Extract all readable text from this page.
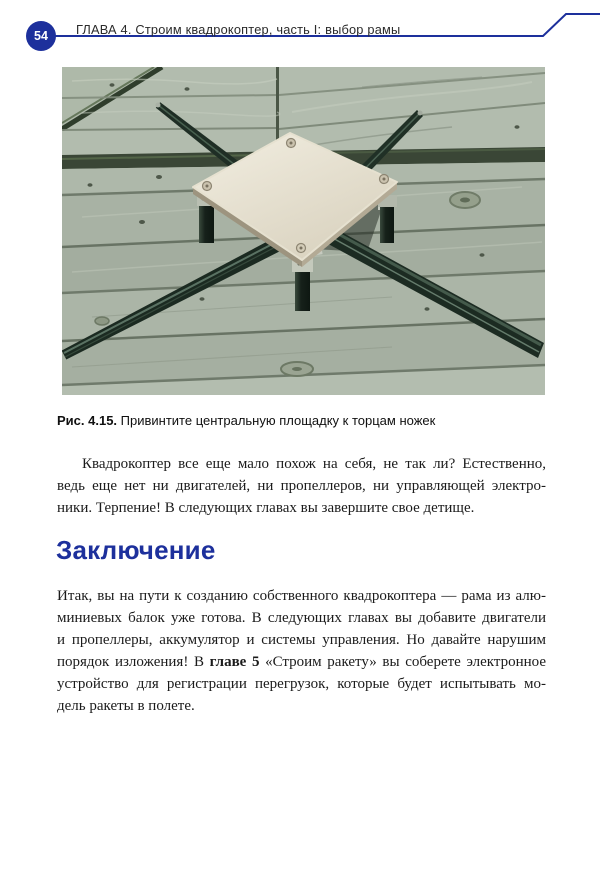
54 ГЛАВА 4. Строим квадрокоптер, часть I: выбор рамы
Рис. 4.15. Привинтите центральную площадку к торцам ножек
Квадрокоптер все еще мало похож на себя, не так ли? Естественно,
ведь еще нет ни двигателей, ни пропеллеров, ни управляющей электро-
ники. Терпение! В следующих главах вы завершите свое детище.
Заключение
Итак, вы на пути к созданию собственного квадрокоптера — рама из алю-
миниевых балок уже готова. В следующих главах вы добавите двигатели
и пропеллеры, аккумулятор и системы управления. Но давайте нарушим
порядок изложения! В главе 5 «Строим ракету» вы соберете электронное
устройство для регистрации перегрузок, которые будет испытывать мо-
дель ракеты в полете.
